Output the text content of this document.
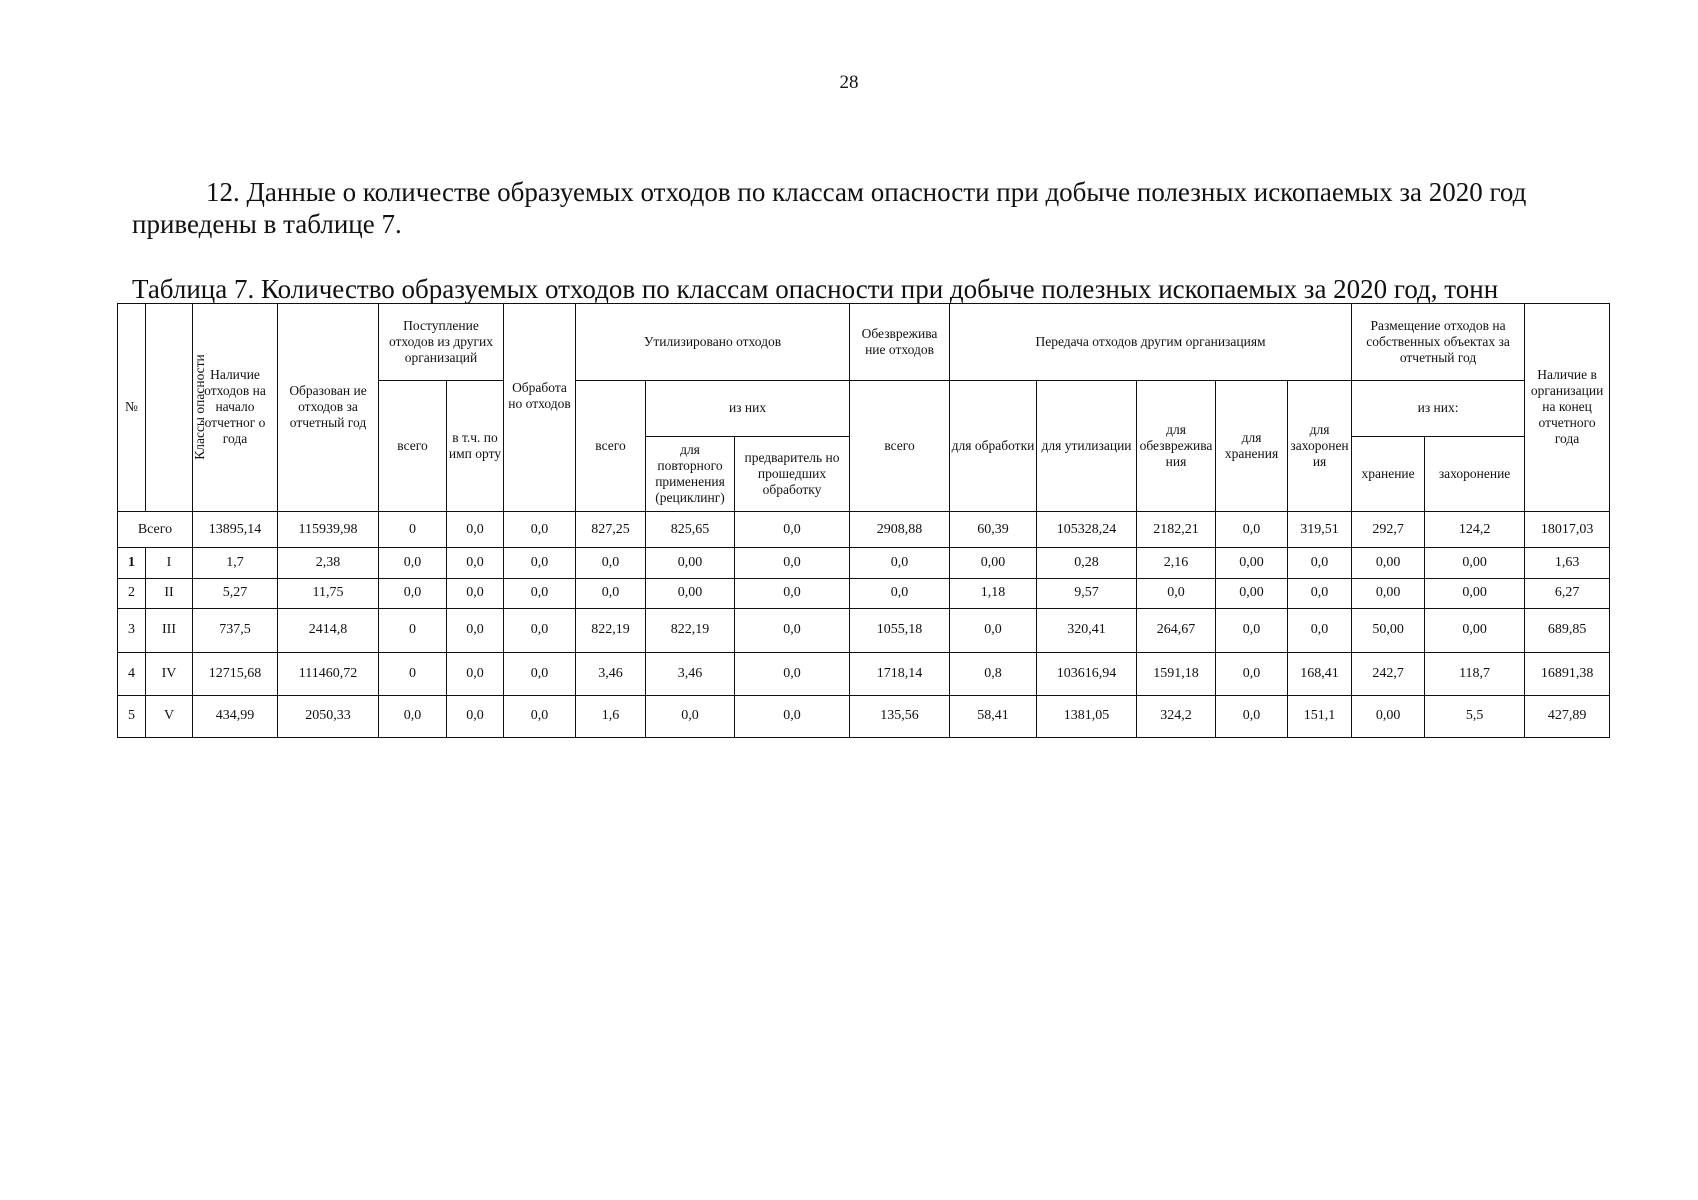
28
12. Данные о количестве образуемых отходов по классам опасности при добыче полезных ископаемых за 2020 год приведены в таблице 7.
Таблица 7. Количество образуемых отходов по классам опасности при добыче полезных ископаемых за 2020 год, тонн
№	Классы опасности	Наличие отходов на начало отчетног о года	Образован ие отходов за отчетный год	Поступление отходов из других организаций		Обработа но отходов	Утилизировано отходов			Обезврежива ние отходов	Передача отходов другим организациям					Размещение отходов на собственных объектах за отчетный год		Наличие в организации на конец отчетного года
				всего	в т.ч. по имп орту		всего	из них		всего	для обработки	для утилизации	для обезвреживания	для хранения	для захоронения	из них:		
								для повторного применения (рециклинг)	предваритель но прошедших обработку							хранение	захоронение	
Всего		13895,14	115939,98	0	0,0	0,0	827,25	825,65	0,0	2908,88	60,39	105328,24	2182,21	0,0	319,51	292,7	124,2	18017,03
1	I	1,7	2,38	0,0	0,0	0,0	0,0	0,00	0,0	0,0	0,00	0,28	2,16	0,00	0,0	0,00	0,00	1,63
2	II	5,27	11,75	0,0	0,0	0,0	0,0	0,00	0,0	0,0	1,18	9,57	0,0	0,00	0,0	0,00	0,00	6,27
3	III	737,5	2414,8	0	0,0	0,0	822,19	822,19	0,0	1055,18	0,0	320,41	264,67	0,0	0,0	50,00	0,00	689,85
4	IV	12715,68	111460,72	0	0,0	0,0	3,46	3,46	0,0	1718,14	0,8	103616,94	1591,18	0,0	168,41	242,7	118,7	16891,38
5	V	434,99	2050,33	0,0	0,0	0,0	1,6	0,0	0,0	135,56	58,41	1381,05	324,2	0,0	151,1	0,00	5,5	427,89
